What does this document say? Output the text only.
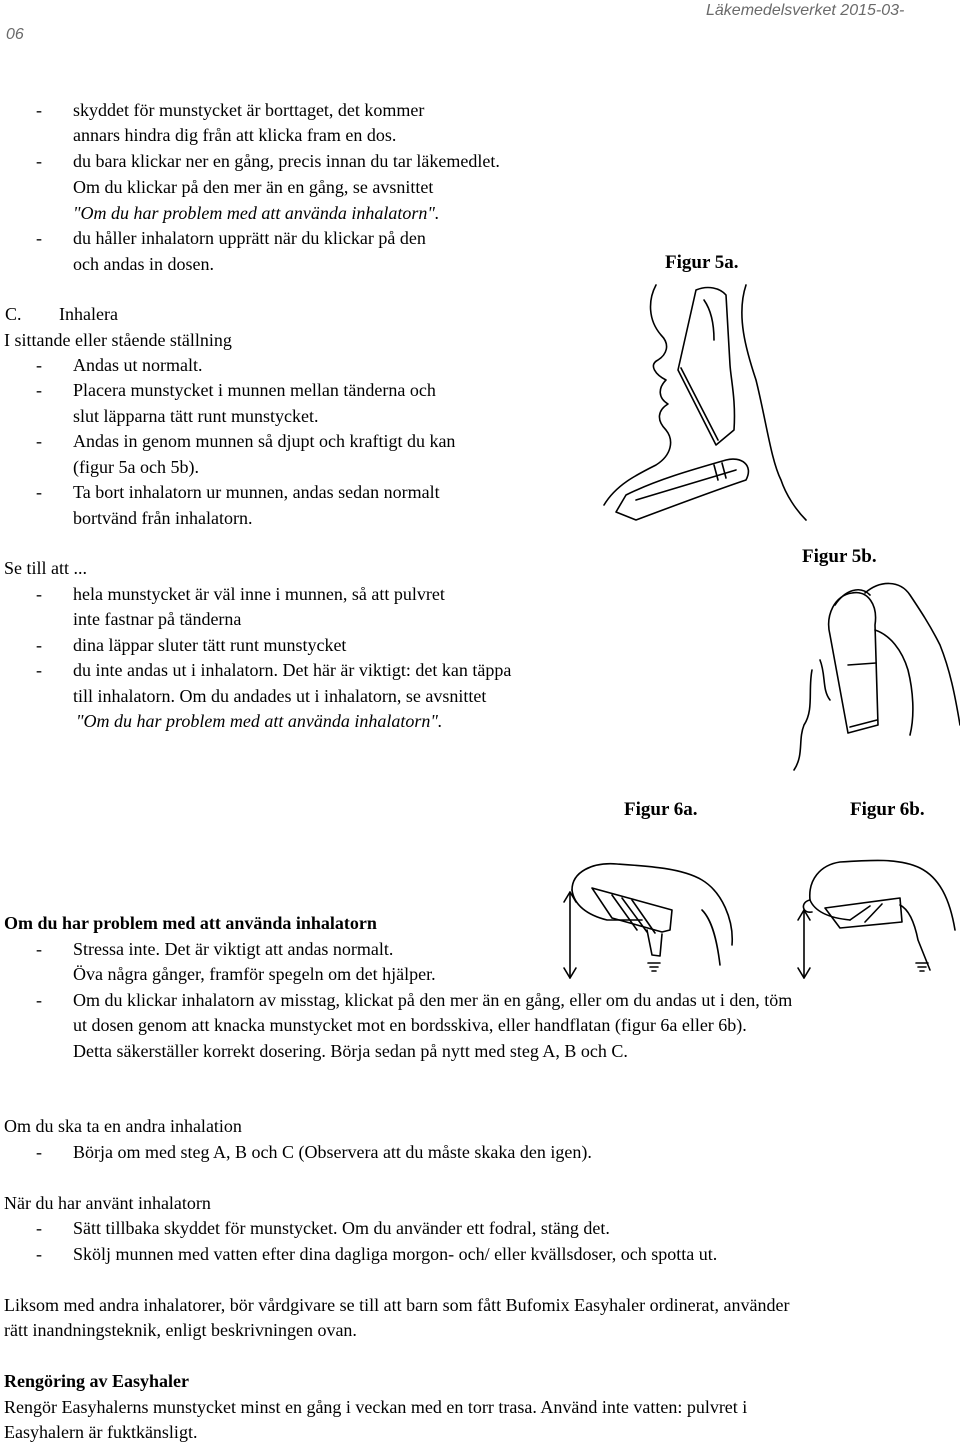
Läkemedelsverket 2015-03-
06
- skyddet för munstycket är borttaget, det kommer
annars hindra dig från att klicka fram en dos.
- du bara klickar ner en gång, precis innan du tar läkemedlet.
Om du klickar på den mer än en gång, se avsnittet
"Om du har problem med att använda inhalatorn".
- du håller inhalatorn upprätt när du klickar på den
och andas in dosen.
C. Inhalera
I sittande eller stående ställning
- Andas ut normalt.
- Placera munstycket i munnen mellan tänderna och
slut läpparna tätt runt munstycket.
- Andas in genom munnen så djupt och kraftigt du kan
(figur 5a och 5b).
- Ta bort inhalatorn ur munnen, andas sedan normalt
bortvänd från inhalatorn.
Se till att ...
- hela munstycket är väl inne i munnen, så att pulvret
inte fastnar på tänderna
- dina läppar sluter tätt runt munstycket
- du inte andas ut i inhalatorn. Det här är viktigt: det kan täppa
till inhalatorn. Om du andades ut i inhalatorn, se avsnittet
"Om du har problem med att använda inhalatorn".
Figur 5a.
Figur 5b.
Figur 6a.	Figur 6b.
Om du har problem med att använda inhalatorn
- Stressa inte. Det är viktigt att andas normalt.
Öva några gånger, framför spegeln om det hjälper.
- Om du klickar inhalatorn av misstag, klickat på den mer än en gång, eller om du andas ut i den, töm
ut dosen genom att knacka munstycket mot en bordsskiva, eller handflatan (figur 6a eller 6b).
Detta säkerställer korrekt dosering. Börja sedan på nytt med steg A, B och C.
Om du ska ta en andra inhalation
- Börja om med steg A, B och C (Observera att du måste skaka den igen).
När du har använt inhalatorn
- Sätt tillbaka skyddet för munstycket. Om du använder ett fodral, stäng det.
- Skölj munnen med vatten efter dina dagliga morgon- och/ eller kvällsdoser, och spotta ut.
Liksom med andra inhalatorer, bör vårdgivare se till att barn som fått Bufomix Easyhaler ordinerat, använder
rätt inandningsteknik, enligt beskrivningen ovan.
Rengöring av Easyhaler
Rengör Easyhalerns munstycket minst en gång i veckan med en torr trasa. Använd inte vatten: pulvret i
Easyhalern är fuktkänsligt.
